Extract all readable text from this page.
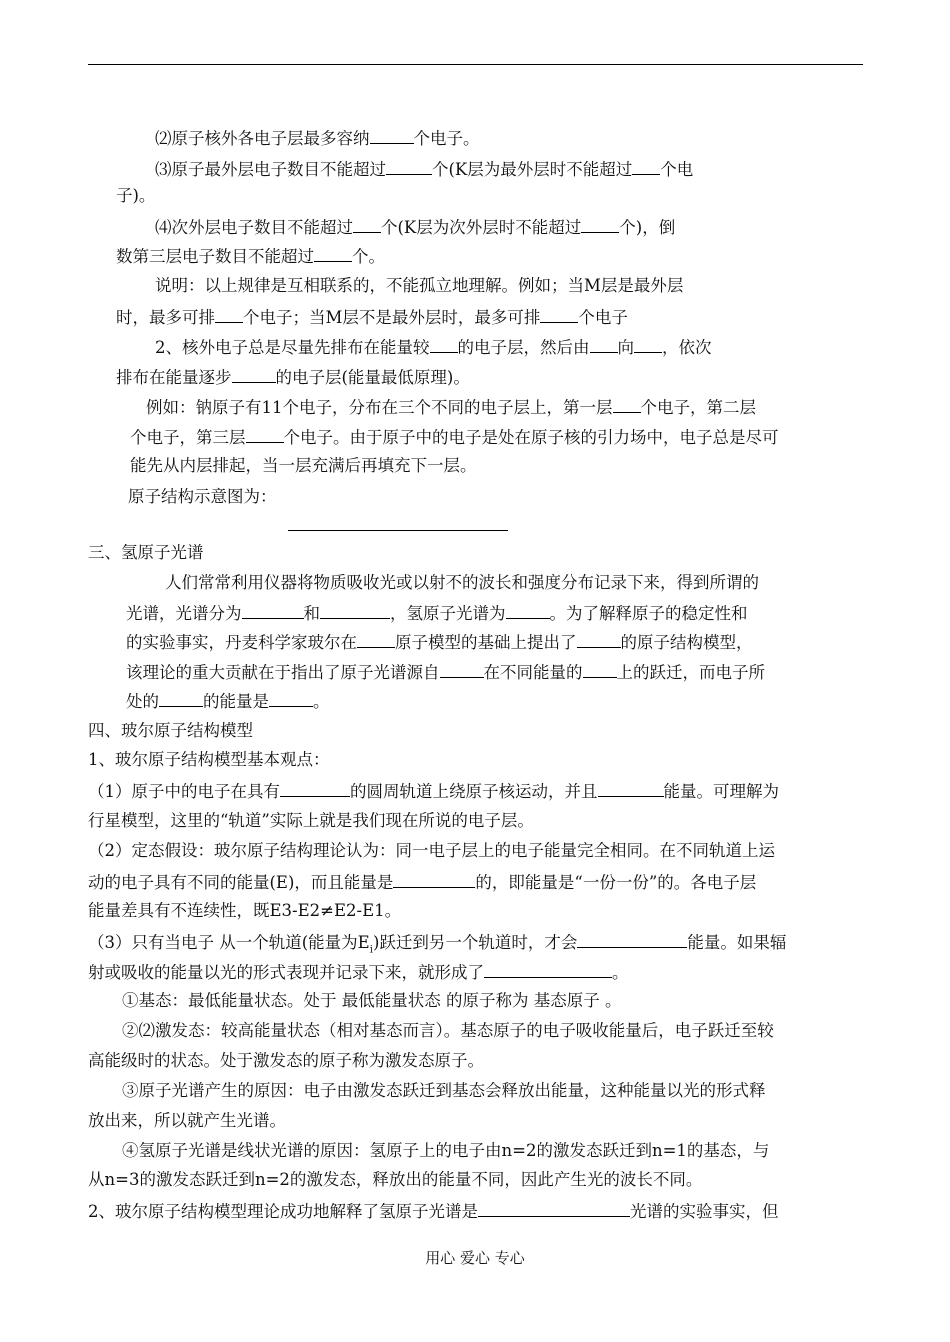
⑵原子核外各电子层最多容纳	个电子。
⑶原子最外层电子数目不能超过	个(K层为最外层时不能超过 个电
子)。
⑷次外层电子数目不能超过 个(K层为次外层时不能超过 个)，倒
数第三层电子数目不能超过 个。
说明：以上规律是互相联系的，不能孤立地理解。例如；当M层是最外层
时，最多可排 个电子；当M层不是最外层时，最多可排 个电子
2、核外电子总是尽量先排布在能量较 的电子层，然后由 向 ，依次
排布在能量逐步	的电子层(能量最低原理)。
例如：钠原子有11个电子，分布在三个不同的电子层上，第一层 个电子，第二层
个电子，第三层 个电子。由于原子中的电子是处在原子核的引力场中，电子总是尽可
能先从内层排起，当一层充满后再填充下一层。
原子结构示意图为：
三、氢原子光谱
人们常常利用仪器将物质吸收光或以射不的波长和强度分布记录下来，得到所谓的
光谱，光谱分为	和	，氢原子光谱为	。为了解释原子的稳定性和
的实验事实，丹麦科学家玻尔在 原子模型的基础上提出了	的原子结构模型，
该理论的重大贡献在于指出了原子光谱源自	在不同能量的 上的跃迁，而电子所
处的	的能量是	。
四、玻尔原子结构模型
1、玻尔原子结构模型基本观点：
（1）原子中的电子在具有	的圆周轨道上绕原子核运动，并且	能量。可理解为
行星模型，这里的“轨道”实际上就是我们现在所说的电子层。
（2）定态假设：玻尔原子结构理论认为：同一电子层上的电子能量完全相同。在不同轨道上运
动的电子具有不同的能量(E)，而且能量是	的，即能量是“一份一份”的。各电子层
能量差具有不连续性，既E3-E2≠E2-E1。
（3）只有当电子 从一个轨道(能量为$E_i$)跃迁到另一个轨道时，才会	能量。如果辐
射或吸收的能量以光的形式表现并记录下来，就形成了	。
①基态：最低能量状态。处于 最低能量状态 的原子称为 基态原子 。
②⑵激发态：较高能量状态（相对基态而言）。基态原子的电子吸收能量后，电子跃迁至较
高能级时的状态。处于激发态的原子称为激发态原子。
③原子光谱产生的原因：电子由激发态跃迁到基态会释放出能量，这种能量以光的形式释
放出来，所以就产生光谱。
④氢原子光谱是线状光谱的原因：氢原子上的电子由n=2的激发态跃迁到n=1的基态，与
从n=3的激发态跃迁到n=2的激发态，释放出的能量不同，因此产生光的波长不同。
2、玻尔原子结构模型理论成功地解释了氢原子光谱是	光谱的实验事实，但
用心 爱心 专心
